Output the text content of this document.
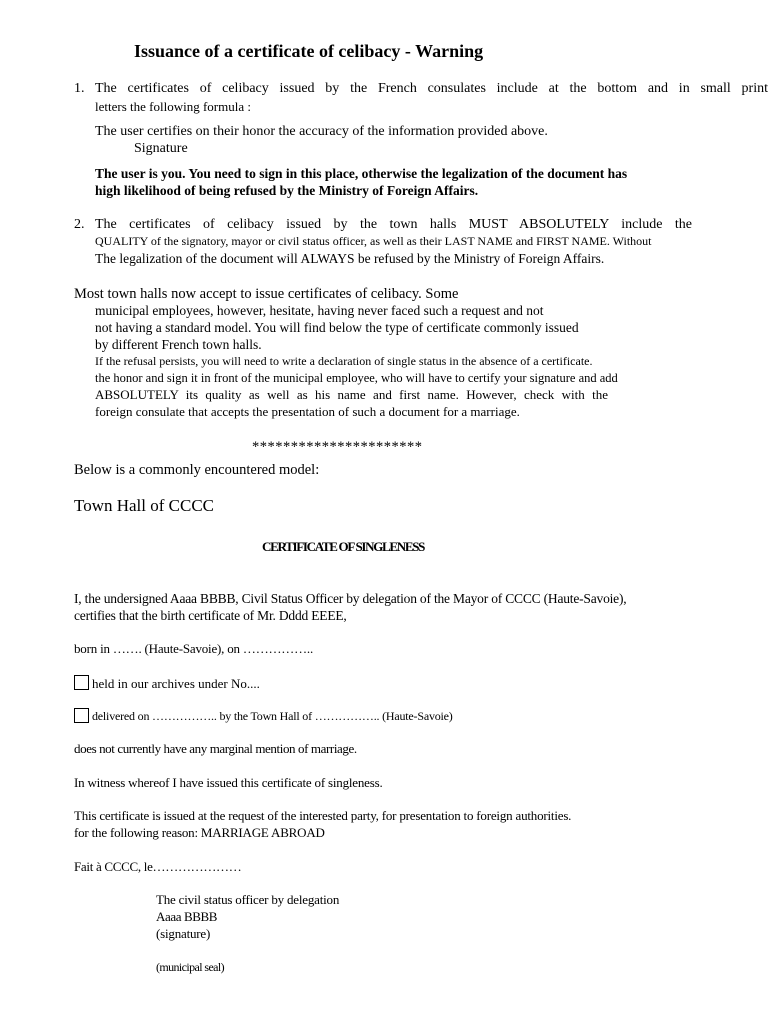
Issuance of a certificate of celibacy - Warning
1. The certificates of celibacy issued by the French consulates include at the bottom and in small print
letters the following formula :
The user certifies on their honor the accuracy of the information provided above.
Signature
The user is you. You need to sign in this place, otherwise the legalization of the document has
high likelihood of being refused by the Ministry of Foreign Affairs.
2. The certificates of celibacy issued by the town halls MUST ABSOLUTELY include the
QUALITY of the signatory, mayor or civil status officer, as well as their LAST NAME and FIRST NAME. Without
The legalization of the document will ALWAYS be refused by the Ministry of Foreign Affairs.
Most town halls now accept to issue certificates of celibacy. Some
municipal employees, however, hesitate, having never faced such a request and not
not having a standard model. You will find below the type of certificate commonly issued
by different French town halls.
If the refusal persists, you will need to write a declaration of single status in the absence of a certificate.
the honor and sign it in front of the municipal employee, who will have to certify your signature and add
ABSOLUTELY its quality as well as his name and first name. However, check with the
foreign consulate that accepts the presentation of such a document for a marriage.
**********************
Below is a commonly encountered model:
Town Hall of CCCC
CERTIFICATE OF SINGLENESS
I, the undersigned Aaaa BBBB, Civil Status Officer by delegation of the Mayor of CCCC (Haute-Savoie),
certifies that the birth certificate of Mr. Dddd EEEE,
born in ……. (Haute-Savoie), on ……………..
held in our archives under No....
delivered on …………….. by the Town Hall of …………….. (Haute-Savoie)
does not currently have any marginal mention of marriage.
In witness whereof I have issued this certificate of singleness.
This certificate is issued at the request of the interested party, for presentation to foreign authorities.
for the following reason: MARRIAGE ABROAD
Fait à CCCC, le…………………
The civil status officer by delegation
Aaaa BBBB
(signature)
(municipal seal)
